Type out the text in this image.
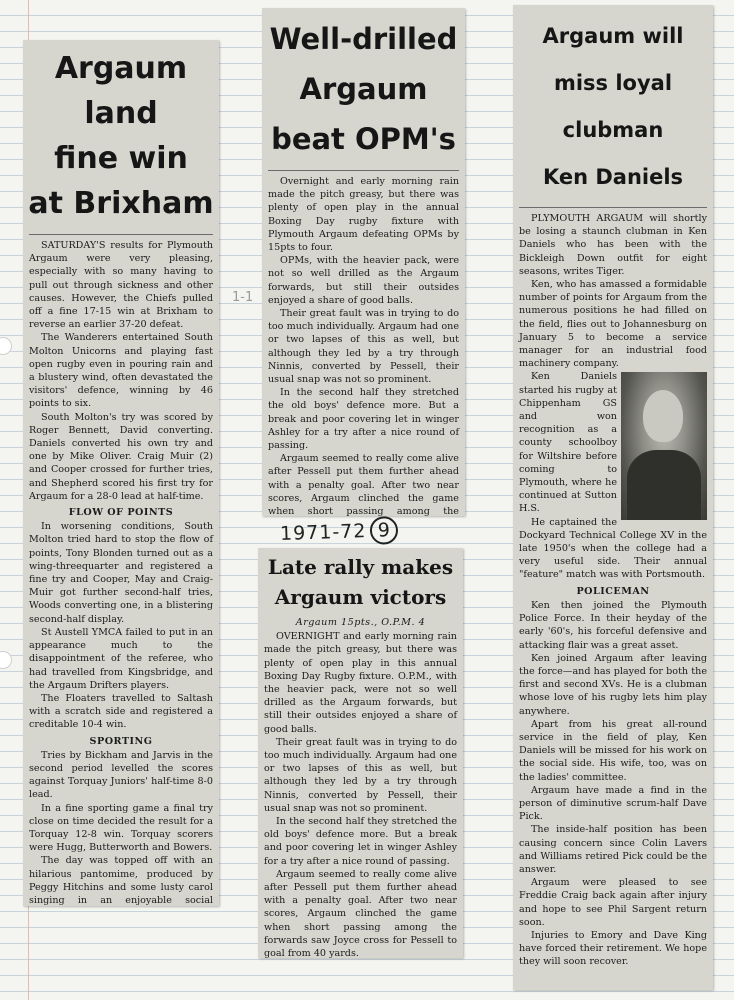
1-1
Argaum land
fine win
at Brixham

SATURDAY'S results for Plymouth Argaum were very pleasing, especially with so many having to pull out through sickness and other causes. However, the Chiefs pulled off a fine 17-15 win at Brixham to reverse an earlier 37-20 defeat.

The Wanderers entertained South Molton Unicorns and playing fast open rugby even in pouring rain and a blustery wind, often devastated the visitors' defence, winning by 46 points to six.

South Molton's try was scored by Roger Bennett, David converting. Daniels converted his own try and one by Mike Oliver. Craig Muir (2) and Cooper crossed for further tries, and Shepherd scored his first try for Argaum for a 28-0 lead at half-time.

FLOW OF POINTS

In worsening conditions, South Molton tried hard to stop the flow of points, Tony Blonden turned out as a wing-threequarter and registered a fine try and Cooper, May and Craig-Muir got further second-half tries, Woods converting one, in a blistering second-half display.

St Austell YMCA failed to put in an appearance much to the disappointment of the referee, who had travelled from Kingsbridge, and the Argaum Drifters players.

The Floaters travelled to Saltash with a scratch side and registered a creditable 10-4 win.

SPORTING

Tries by Bickham and Jarvis in the second period levelled the scores against Torquay Juniors' half-time 8-0 lead.

In a fine sporting game a final try close on time decided the result for a Torquay 12-8 win. Torquay scorers were Hugg, Butterworth and Bowers.

The day was topped off with an hilarious pantomime, produced by Peggy Hitchins and some lusty carol singing in an enjoyable social

Well-drilled
Argaum
beat OPM's

Overnight and early morning rain made the pitch greasy, but there was plenty of open play in the annual Boxing Day rugby fixture with Plymouth Argaum defeating OPMs by 15pts to four.

OPMs, with the heavier pack, were not so well drilled as the Argaum forwards, but still their outsides enjoyed a share of good balls.

Their great fault was in trying to do too much individually. Argaum had one or two lapses of this as well, but although they led by a try through Ninnis, converted by Pessell, their usual snap was not so prominent.

In the second half they stretched the old boys' defence more. But a break and poor covering let in winger Ashley for a try after a nice round of passing.

Argaum seemed to really come alive after Pessell put them further ahead with a penalty goal. After two near scores, Argaum clinched the game when short passing among the

1971-72 9
Late rally makes
Argaum victors

Argaum 15pts., O.P.M. 4

OVERNIGHT and early morning rain made the pitch greasy, but there was plenty of open play in this annual Boxing Day Rugby fixture. O.P.M., with the heavier pack, were not so well drilled as the Argaum forwards, but still their outsides enjoyed a share of good balls.

Their great fault was in trying to do too much individually. Argaum had one or two lapses of this as well, but although they led by a try through Ninnis, converted by Pessell, their usual snap was not so prominent.

In the second half they stretched the old boys' defence more. But a break and poor covering let in winger Ashley for a try after a nice round of passing.

Argaum seemed to really come alive after Pessell put them further ahead with a penalty goal. After two near scores, Argaum clinched the game when short passing among the forwards saw Joyce cross for Pessell to goal from 40 yards.

Argaum will
miss loyal
clubman
Ken Daniels

PLYMOUTH ARGAUM will shortly be losing a staunch clubman in Ken Daniels who has been with the Bickleigh Down outfit for eight seasons, writes Tiger.

Ken, who has amassed a formidable number of points for Argaum from the numerous positions he had filled on the field, flies out to Johannesburg on January 5 to become a service manager for an industrial food machinery company.

Ken Daniels started his rugby at Chippenham GS and won recognition as a county schoolboy for Wiltshire before coming to Plymouth, where he continued at Sutton H.S.

He captained the Dockyard Technical College XV in the late 1950's when the college had a very useful side. Their annual "feature" match was with Portsmouth.

POLICEMAN

Ken then joined the Plymouth Police Force. In their heyday of the early '60's, his forceful defensive and attacking flair was a great asset.

Ken joined Argaum after leaving the force—and has played for both the first and second XVs. He is a clubman whose love of his rugby lets him play anywhere.

Apart from his great all-round service in the field of play, Ken Daniels will be missed for his work on the social side. His wife, too, was on the ladies' committee.

Argaum have made a find in the person of diminutive scrum-half Dave Pick.

The inside-half position has been causing concern since Colin Lavers and Williams retired Pick could be the answer.

Argaum were pleased to see Freddie Craig back again after injury and hope to see Phil Sargent return soon.

Injuries to Emory and Dave King have forced their retirement. We hope they will soon recover.
